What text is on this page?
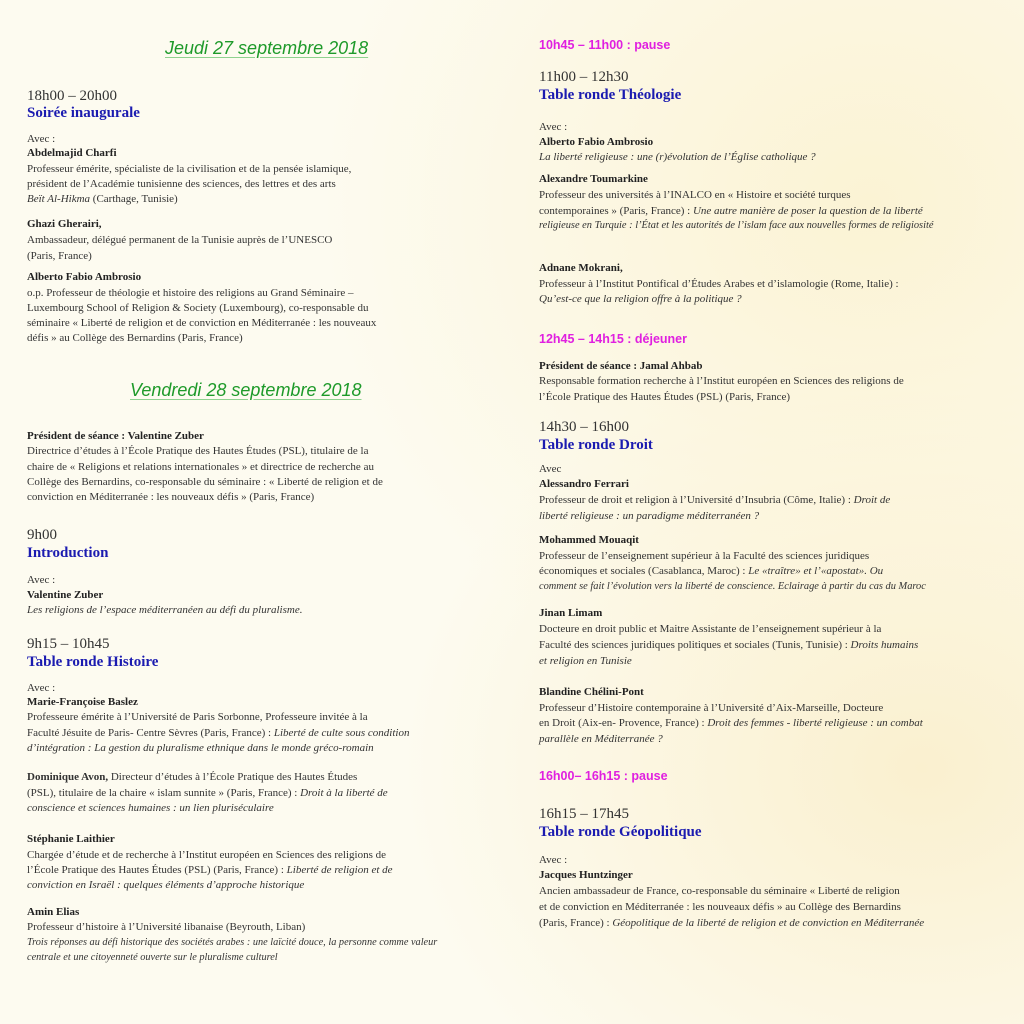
Jeudi 27 septembre 2018
18h00 – 20h00
Soirée inaugurale
Avec :
Abdelmajid Charfi
Professeur émérite, spécialiste de la civilisation et de la pensée islamique,
président de l’Académie tunisienne des sciences, des lettres et des arts
Beït Al-Hikma (Carthage, Tunisie)
Ghazi Gherairi,
Ambassadeur, délégué permanent de la Tunisie auprès de l’UNESCO
(Paris, France)
Alberto Fabio Ambrosio
o.p. Professeur de théologie et histoire des religions au Grand Séminaire –
Luxembourg School of Religion & Society (Luxembourg), co-responsable du
séminaire « Liberté de religion et de conviction en Méditerranée : les nouveaux
défis » au Collège des Bernardins (Paris, France)
Vendredi 28 septembre 2018
Président de séance : Valentine Zuber
Directrice d’études à l’École Pratique des Hautes Études (PSL), titulaire de la
chaire de « Religions et relations internationales » et directrice de recherche au
Collège des Bernardins, co-responsable du séminaire : « Liberté de religion et de
conviction en Méditerranée : les nouveaux défis » (Paris, France)
9h00
Introduction
Avec :
Valentine Zuber
Les religions de l’espace méditerranéen au défi du pluralisme.
9h15 – 10h45
Table ronde Histoire
Avec :
Marie-Françoise Baslez
Professeure émérite à l’Université de Paris Sorbonne, Professeure invitée à la
Faculté Jésuite de Paris- Centre Sèvres (Paris, France) : Liberté de culte sous condition
d’intégration : La gestion du pluralisme ethnique dans le monde gréco-romain
Dominique Avon, Directeur d’études à l’École Pratique des Hautes Études
(PSL), titulaire de la chaire « islam sunnite » (Paris, France) : Droit à la liberté de
conscience et sciences humaines : un lien pluriséculaire
Stéphanie Laithier
Chargée d’étude et de recherche à l’Institut européen en Sciences des religions de
l’École Pratique des Hautes Études (PSL) (Paris, France) : Liberté de religion et de
conviction en Israël : quelques éléments d’approche historique
Amin Elias
Professeur d’histoire à l’Université libanaise (Beyrouth, Liban)
Trois réponses au défi historique des sociétés arabes : une laïcité douce, la personne comme valeur
centrale et une citoyenneté ouverte sur le pluralisme culturel
10h45 – 11h00 : pause
11h00 – 12h30
Table ronde Théologie
Avec :
Alberto Fabio Ambrosio
La liberté religieuse : une (r)évolution de l’Église catholique ?
Alexandre Toumarkine
Professeur des universités à l’INALCO en « Histoire et société turques
contemporaines » (Paris, France) : Une autre manière de poser la question de la liberté
religieuse en Turquie : l’État et les autorités de l’islam face aux nouvelles formes de religiosité
Adnane Mokrani,
Professeur à l’Institut Pontifical d’Études Arabes et d’islamologie (Rome, Italie) :
Qu’est-ce que la religion offre à la politique ?
12h45 – 14h15 : déjeuner
Président de séance : Jamal Ahbab
Responsable formation recherche à l’Institut européen en Sciences des religions de
l’École Pratique des Hautes Études (PSL) (Paris, France)
14h30 – 16h00
Table ronde Droit
Avec
Alessandro Ferrari
Professeur de droit et religion à l’Université d’Insubria (Côme, Italie) : Droit de
liberté religieuse : un paradigme méditerranéen ?
Mohammed Mouaqit
Professeur de l’enseignement supérieur à la Faculté des sciences juridiques
économiques et sociales (Casablanca, Maroc) : Le «traître» et l’«apostat». Ou
comment se fait l’évolution vers la liberté de conscience. Eclairage à partir du cas du Maroc
Jinan Limam
Docteure en droit public et Maitre Assistante de l’enseignement supérieur à la
Faculté des sciences juridiques politiques et sociales (Tunis, Tunisie) : Droits humains
et religion en Tunisie
Blandine Chélini-Pont
Professeur d’Histoire contemporaine à l’Université d’Aix-Marseille, Docteure
en Droit (Aix-en- Provence, France) : Droit des femmes - liberté religieuse : un combat
parallèle en Méditerranée ?
16h00– 16h15 : pause
16h15 – 17h45
Table ronde Géopolitique
Avec :
Jacques Huntzinger
Ancien ambassadeur de France, co-responsable du séminaire « Liberté de religion
et de conviction en Méditerranée : les nouveaux défis » au Collège des Bernardins
(Paris, France) : Géopolitique de la liberté de religion et de conviction en Méditerranée
